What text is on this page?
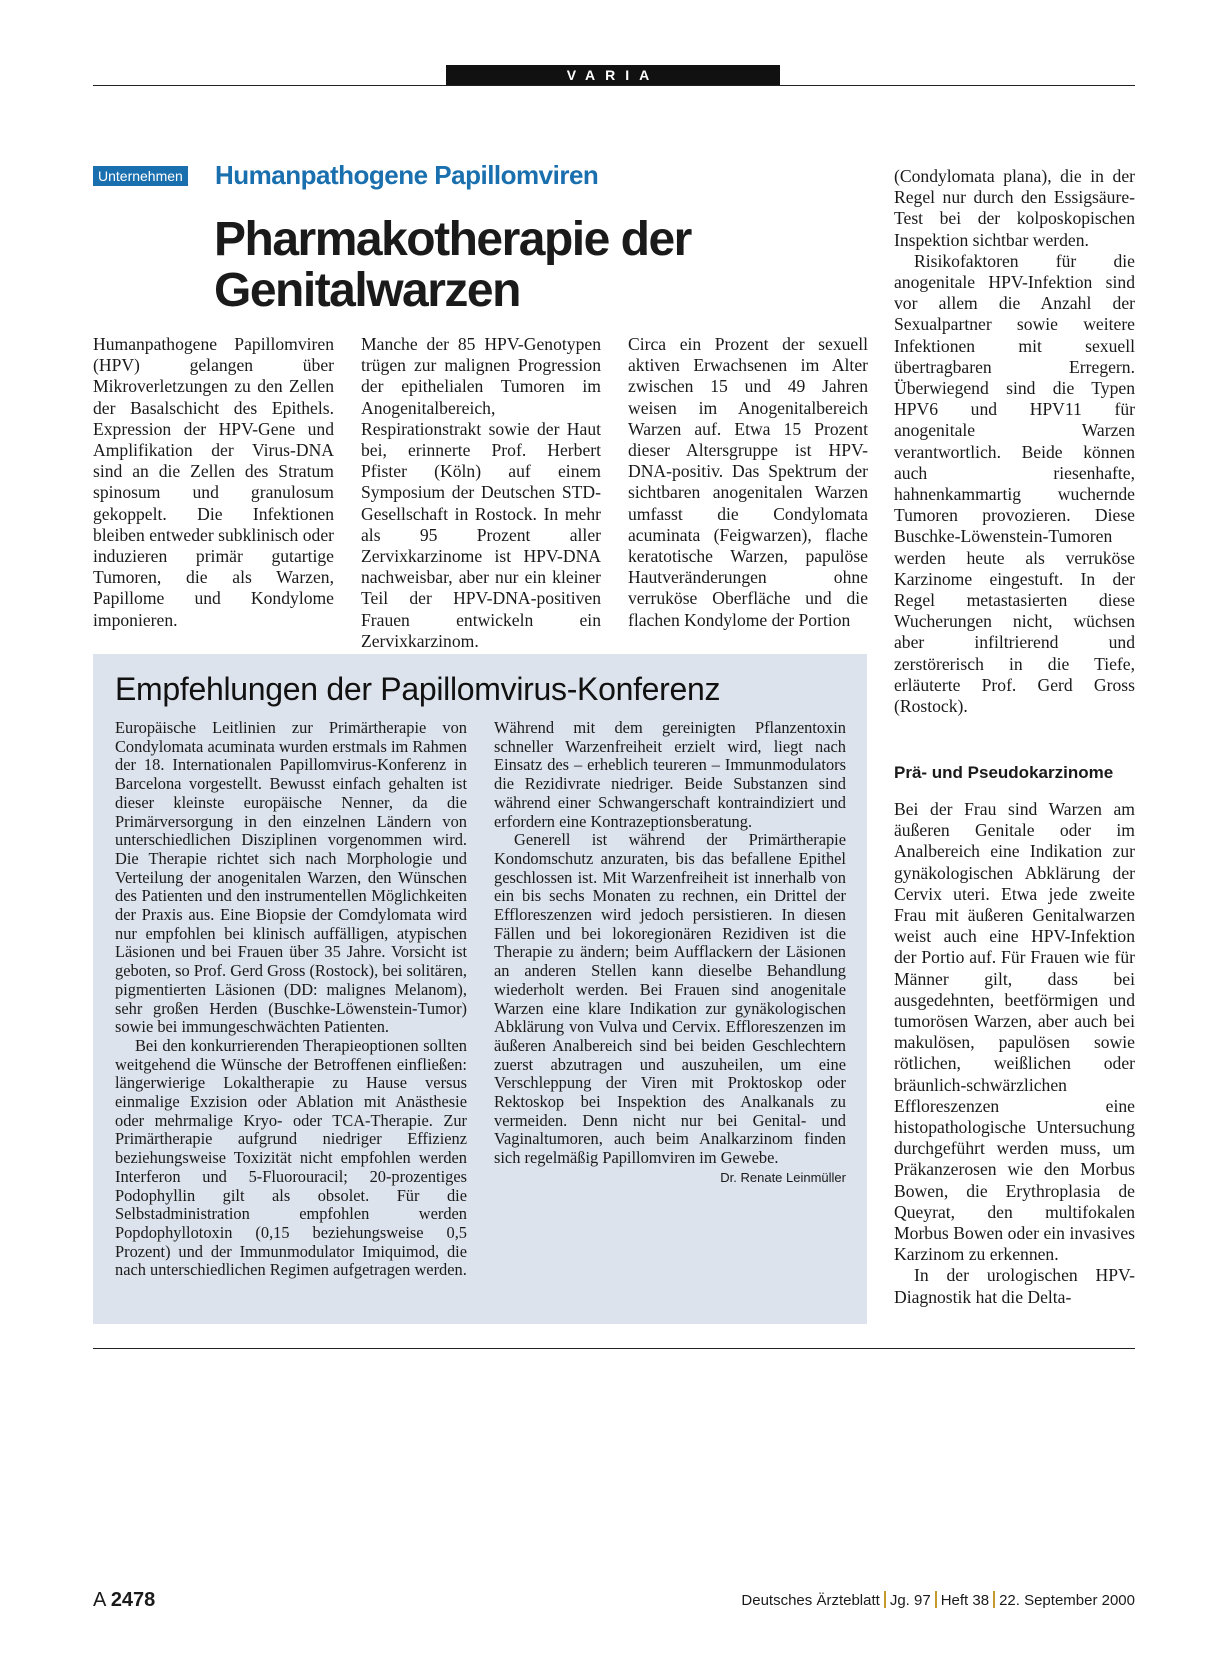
VARIA
Unternehmen Humanpathogene Papillomviren
Pharmakotherapie der
Genitalwarzen

Humanpathogene Papillomviren (HPV) gelangen über Mikroverletzungen zu den Zellen der Basalschicht des Epithels. Expression der HPV-Gene und Amplifikation der Virus-DNA sind an die Zellen des Stratum spinosum und granulosum gekoppelt. Die Infektionen bleiben entweder subklinisch oder induzieren primär gutartige Tumoren, die als Warzen, Papillome und Kondylome imponieren.

Manche der 85 HPV-Genotypen trügen zur malignen Progression der epithelialen Tumoren im Anogenitalbereich, Respirationstrakt sowie der Haut bei, erinnerte Prof. Herbert Pfister (Köln) auf einem Symposium der Deutschen STD-Gesellschaft in Rostock. In mehr als 95 Prozent aller Zervixkarzinome ist HPV-DNA nachweisbar, aber nur ein kleiner Teil der HPV-DNA-positiven Frauen entwickeln ein Zervixkarzinom.

Circa ein Prozent der sexuell aktiven Erwachsenen im Alter zwischen 15 und 49 Jahren weisen im Anogenitalbereich Warzen auf. Etwa 15 Prozent dieser Altersgruppe ist HPV-DNA-positiv. Das Spektrum der sichtbaren anogenitalen Warzen umfasst die Condylomata acuminata (Feigwarzen), flache keratotische Warzen, papulöse Hautveränderungen ohne verruköse Oberfläche und die flachen Kondylome der Portion

(Condylomata plana), die in der Regel nur durch den Essigsäure-Test bei der kolposkopischen Inspektion sichtbar werden.

Risikofaktoren für die anogenitale HPV-Infektion sind vor allem die Anzahl der Sexualpartner sowie weitere Infektionen mit sexuell übertragbaren Erregern. Überwiegend sind die Typen HPV6 und HPV11 für anogenitale Warzen verantwortlich. Beide können auch riesenhafte, hahnenkammartig wuchernde Tumoren provozieren. Diese Buschke-Löwenstein-Tumoren werden heute als verruköse Karzinome eingestuft. In der Regel metastasierten diese Wucherungen nicht, wüchsen aber infiltrierend und zerstörerisch in die Tiefe, erläuterte Prof. Gerd Gross (Rostock).

Prä- und Pseudokarzinome

Bei der Frau sind Warzen am äußeren Genitale oder im Analbereich eine Indikation zur gynäkologischen Abklärung der Cervix uteri. Etwa jede zweite Frau mit äußeren Genitalwarzen weist auch eine HPV-Infektion der Portio auf. Für Frauen wie für Männer gilt, dass bei ausgedehnten, beetförmigen und tumorösen Warzen, aber auch bei makulösen, papulösen sowie rötlichen, weißlichen oder bräunlich-schwärzlichen Effloreszenzen eine histopathologische Untersuchung durchgeführt werden muss, um Präkanzerosen wie den Morbus Bowen, die Erythroplasia de Queyrat, den multifokalen Morbus Bowen oder ein invasives Karzinom zu erkennen.

In der urologischen HPV-Diagnostik hat die Delta-

Empfehlungen der Papillomvirus-Konferenz

Europäische Leitlinien zur Primärtherapie von Condylomata acuminata wurden erstmals im Rahmen der 18. Internationalen Papillomvirus-Konferenz in Barcelona vorgestellt. Bewusst einfach gehalten ist dieser kleinste europäische Nenner, da die Primärversorgung in den einzelnen Ländern von unterschiedlichen Disziplinen vorgenommen wird. Die Therapie richtet sich nach Morphologie und Verteilung der anogenitalen Warzen, den Wünschen des Patienten und den instrumentellen Möglichkeiten der Praxis aus. Eine Biopsie der Comdylomata wird nur empfohlen bei klinisch auffälligen, atypischen Läsionen und bei Frauen über 35 Jahre. Vorsicht ist geboten, so Prof. Gerd Gross (Rostock), bei solitären, pigmentierten Läsionen (DD: malignes Melanom), sehr großen Herden (Buschke-Löwenstein-Tumor) sowie bei immungeschwächten Patienten.

Bei den konkurrierenden Therapieoptionen sollten weitgehend die Wünsche der Betroffenen einfließen: längerwierige Lokaltherapie zu Hause versus einmalige Exzision oder Ablation mit Anästhesie oder mehrmalige Kryo- oder TCA-Therapie. Zur Primärtherapie aufgrund niedriger Effizienz beziehungsweise Toxizität nicht empfohlen werden Interferon und 5-Fluorouracil; 20-prozentiges Podophyllin gilt als obsolet. Für die Selbstadministration empfohlen werden Popdophyllotoxin (0,15 beziehungsweise 0,5 Prozent) und der Immunmodulator Imiquimod, die nach unterschiedlichen Regimen aufgetragen werden.

Während mit dem gereinigten Pflanzentoxin schneller Warzenfreiheit erzielt wird, liegt nach Einsatz des – erheblich teureren – Immunmodulators die Rezidivrate niedriger. Beide Substanzen sind während einer Schwangerschaft kontraindiziert und erfordern eine Kontrazeptionsberatung.

Generell ist während der Primärtherapie Kondomschutz anzuraten, bis das befallene Epithel geschlossen ist. Mit Warzenfreiheit ist innerhalb von ein bis sechs Monaten zu rechnen, ein Drittel der Effloreszenzen wird jedoch persistieren. In diesen Fällen und bei lokoregionären Rezidiven ist die Therapie zu ändern; beim Aufflackern der Läsionen an anderen Stellen kann dieselbe Behandlung wiederholt werden. Bei Frauen sind anogenitale Warzen eine klare Indikation zur gynäkologischen Abklärung von Vulva und Cervix. Effloreszenzen im äußeren Analbereich sind bei beiden Geschlechtern zuerst abzutragen und auszuheilen, um eine Verschleppung der Viren mit Proktoskop oder Rektoskop bei Inspektion des Analkanals zu vermeiden. Denn nicht nur bei Genital- und Vaginaltumoren, auch beim Analkarzinom finden sich regelmäßig Papillomviren im Gewebe.
Dr. Renate Leinmüller

A 2478	Deutsches Ärzteblatt Jg. 97 Heft 38 22. September 2000
